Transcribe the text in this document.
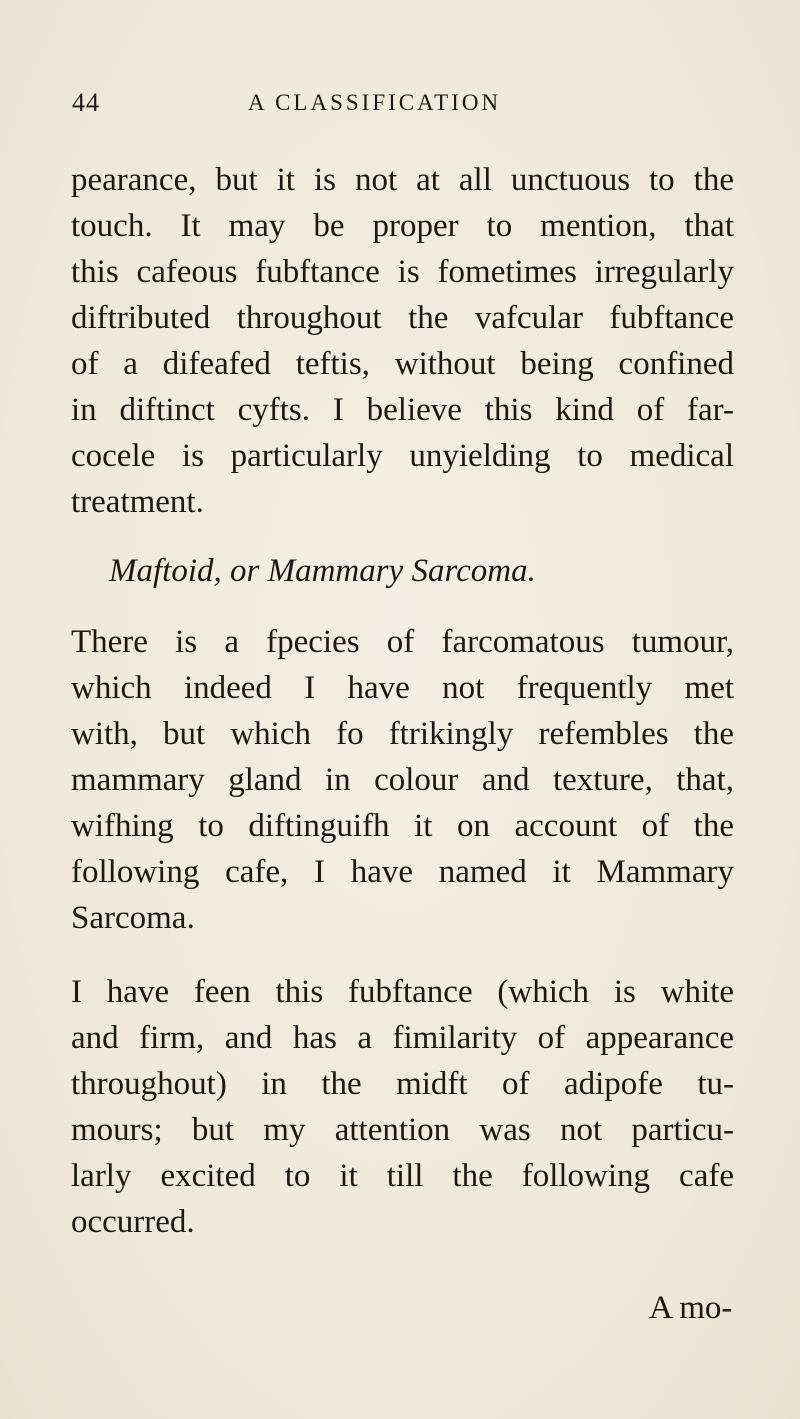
44	A CLASSIFICATION
pearance, but it is not at all unctuous to the
touch. It may be proper to mention, that
this cafeous fubftance is fometimes irregularly
diftributed throughout the vafcular fubftance
of a difeafed teftis, without being confined
in diftinct cyfts. I believe this kind of far-
cocele is particularly unyielding to medical
treatment.
Maftoid, or Mammary Sarcoma.
There is a fpecies of farcomatous tumour,
which indeed I have not frequently met
with, but which fo ftrikingly refembles the
mammary gland in colour and texture, that,
wifhing to diftinguifh it on account of the
following cafe, I have named it Mammary
Sarcoma.
I have feen this fubftance (which is white
and firm, and has a fimilarity of appearance
throughout) in the midft of adipofe tu-
mours; but my attention was not particu-
larly excited to it till the following cafe
occurred.
A mo-
